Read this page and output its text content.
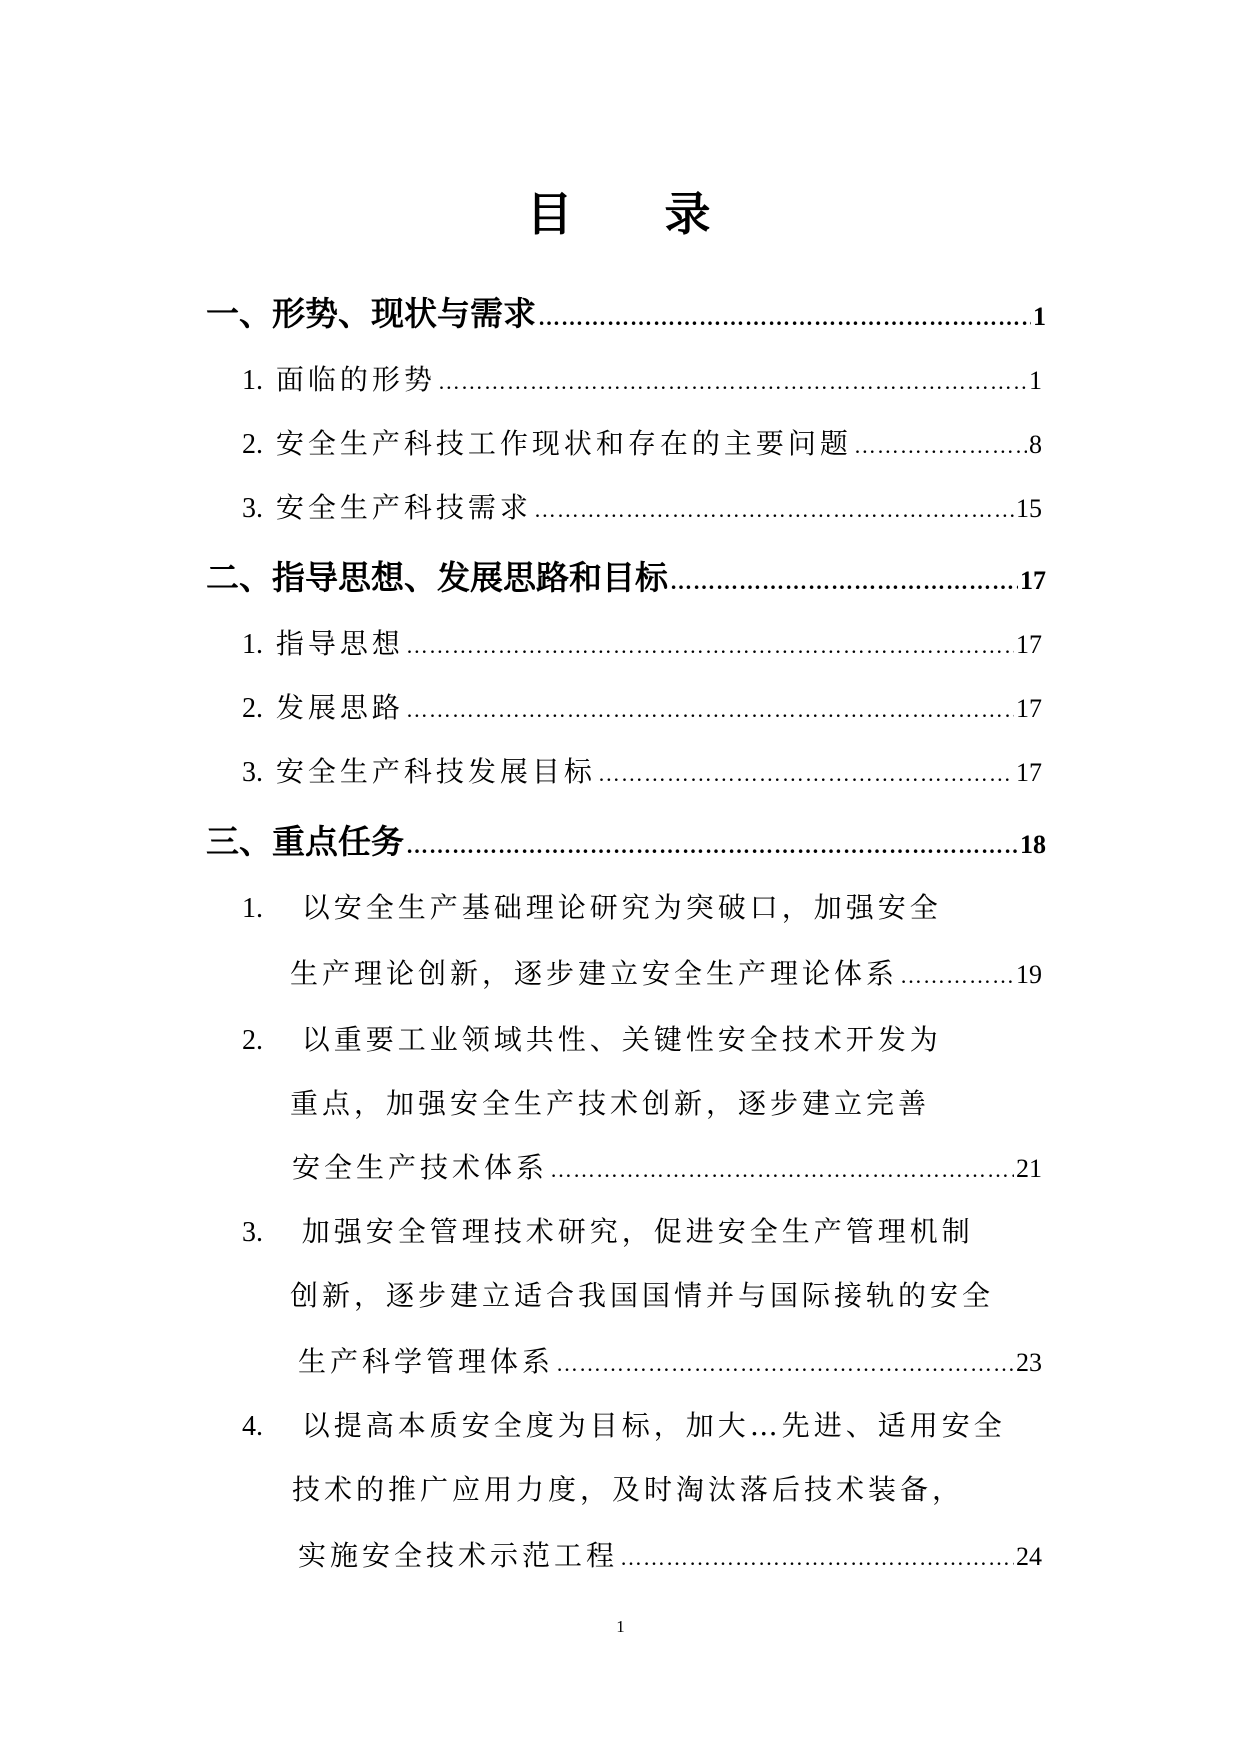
目 录
一、形势、现状与需求 …………………………………………………………………………………………………………………………………………………………	1
1. 面临的形势 …………………………………………………………………………………………………………………………………………………………	1
2. 安全生产科技工作现状和存在的主要问题 …………………………………………………………………………………………………………………………………………………………	8
3. 安全生产科技需求 …………………………………………………………………………………………………………………………………………………………	15
二、指导思想、发展思路和目标 …………………………………………………………………………………………………………………………………………………………	17
1. 指导思想 …………………………………………………………………………………………………………………………………………………………	17
2. 发展思路 …………………………………………………………………………………………………………………………………………………………	17
3. 安全生产科技发展目标 …………………………………………………………………………………………………………………………………………………………	17
三、重点任务 …………………………………………………………………………………………………………………………………………………………	18
1. 以安全生产基础理论研究为突破口，加强安全
生产理论创新，逐步建立安全生产理论体系 …………………………………………………………………………………………………………………………………………………………	19
2. 以重要工业领域共性、关键性安全技术开发为
重点，加强安全生产技术创新，逐步建立完善
安全生产技术体系 …………………………………………………………………………………………………………………………………………………………	21
3. 加强安全管理技术研究，促进安全生产管理机制
创新，逐步建立适合我国国情并与国际接轨的安全
生产科学管理体系 …………………………………………………………………………………………………………………………………………………………	23
4. 以提高本质安全度为目标，加大…先进、适用安全
技术的推广应用力度，及时淘汰落后技术装备，
实施安全技术示范工程 …………………………………………………………………………………………………………………………………………………………	24
1
